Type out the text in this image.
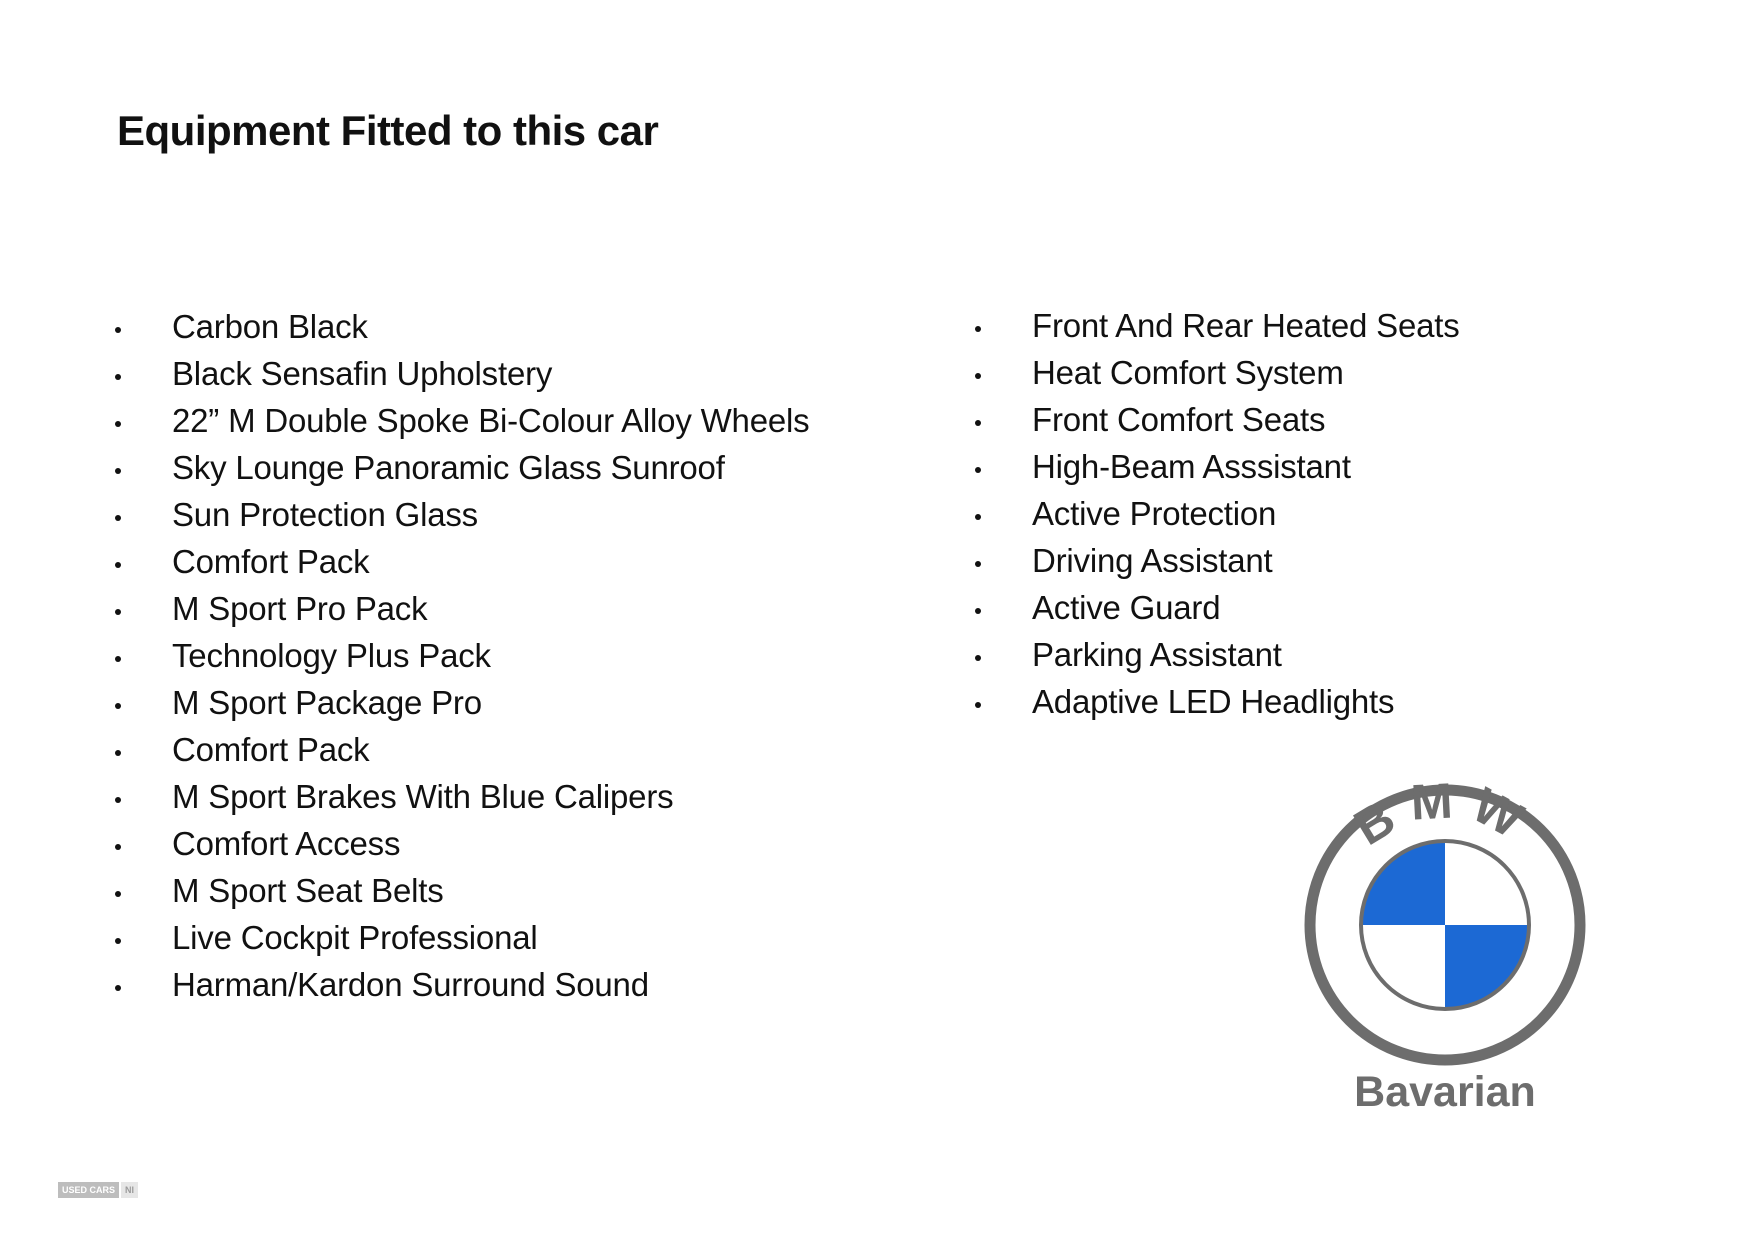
Equipment Fitted to this car
Carbon Black
Black Sensafin Upholstery
22” M Double Spoke Bi-Colour Alloy Wheels
Sky Lounge Panoramic Glass Sunroof
Sun Protection Glass
Comfort Pack
M Sport Pro Pack
Technology Plus Pack
M Sport Package Pro
Comfort Pack
M Sport Brakes With Blue Calipers
Comfort Access
M Sport Seat Belts
Live Cockpit Professional
Harman/Kardon Surround Sound
Front And Rear Heated Seats
Heat Comfort System
Front Comfort Seats
High-Beam Asssistant
Active Protection
Driving Assistant
Active Guard
Parking Assistant
Adaptive LED Headlights
BMW

Bavarian

USED CARS	NI
